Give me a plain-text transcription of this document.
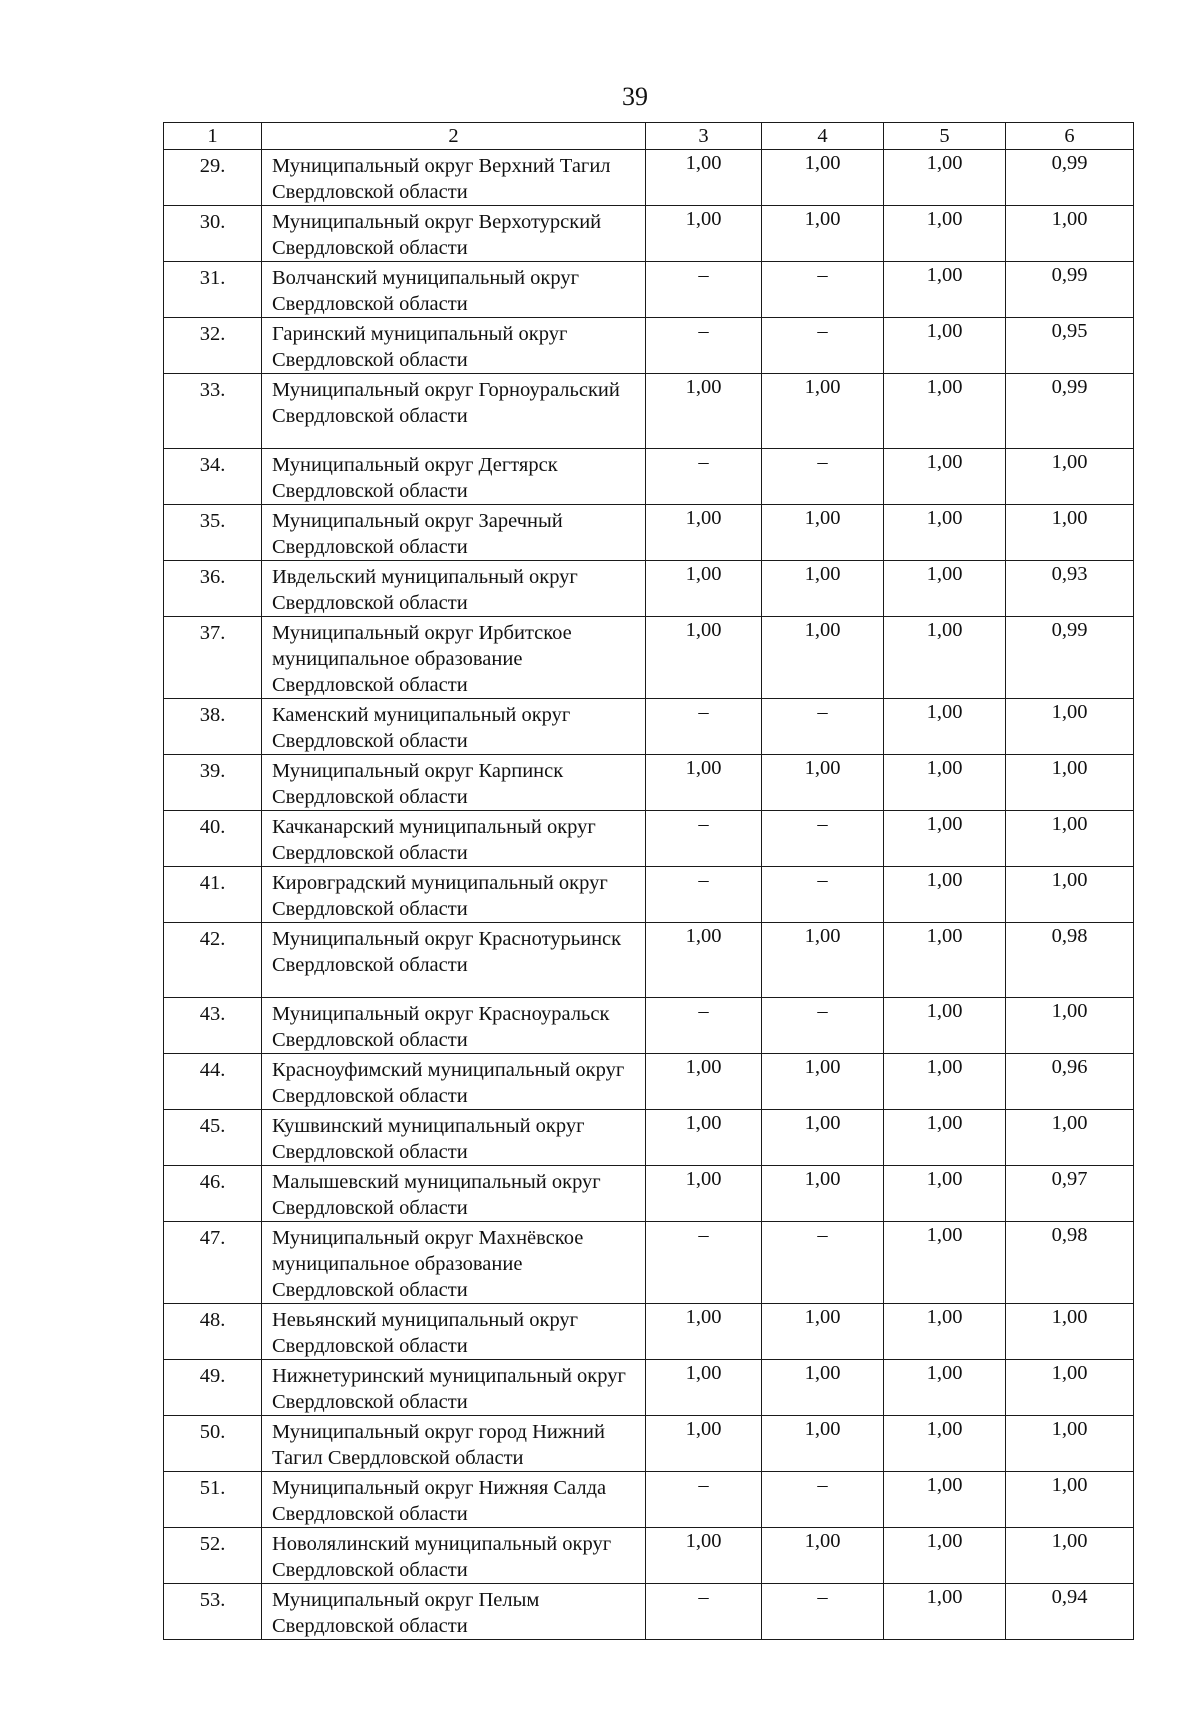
39
1	2	3	4	5	6
29.	Муниципальный округ Верхний Тагил Свердловской области	1,00	1,00	1,00	0,99
30.	Муниципальный округ Верхотурский Свердловской области	1,00	1,00	1,00	1,00
31.	Волчанский муниципальный округ Свердловской области	–	–	1,00	0,99
32.	Гаринский муниципальный округ Свердловской области	–	–	1,00	0,95
33.	Муниципальный округ Горноуральский Свердловской области	1,00	1,00	1,00	0,99
34.	Муниципальный округ Дегтярск Свердловской области	–	–	1,00	1,00
35.	Муниципальный округ Заречный Свердловской области	1,00	1,00	1,00	1,00
36.	Ивдельский муниципальный округ Свердловской области	1,00	1,00	1,00	0,93
37.	Муниципальный округ Ирбитское муниципальное образование Свердловской области	1,00	1,00	1,00	0,99
38.	Каменский муниципальный округ Свердловской области	–	–	1,00	1,00
39.	Муниципальный округ Карпинск Свердловской области	1,00	1,00	1,00	1,00
40.	Качканарский муниципальный округ Свердловской области	–	–	1,00	1,00
41.	Кировградский муниципальный округ Свердловской области	–	–	1,00	1,00
42.	Муниципальный округ Краснотурьинск Свердловской области	1,00	1,00	1,00	0,98
43.	Муниципальный округ Красноуральск Свердловской области	–	–	1,00	1,00
44.	Красноуфимский муниципальный округ Свердловской области	1,00	1,00	1,00	0,96
45.	Кушвинский муниципальный округ Свердловской области	1,00	1,00	1,00	1,00
46.	Малышевский муниципальный округ Свердловской области	1,00	1,00	1,00	0,97
47.	Муниципальный округ Махнёвское муниципальное образование Свердловской области	–	–	1,00	0,98
48.	Невьянский муниципальный округ Свердловской области	1,00	1,00	1,00	1,00
49.	Нижнетуринский муниципальный округ Свердловской области	1,00	1,00	1,00	1,00
50.	Муниципальный округ город Нижний Тагил Свердловской области	1,00	1,00	1,00	1,00
51.	Муниципальный округ Нижняя Салда Свердловской области	–	–	1,00	1,00
52.	Новолялинский муниципальный округ Свердловской области	1,00	1,00	1,00	1,00
53.	Муниципальный округ Пелым Свердловской области	–	–	1,00	0,94
